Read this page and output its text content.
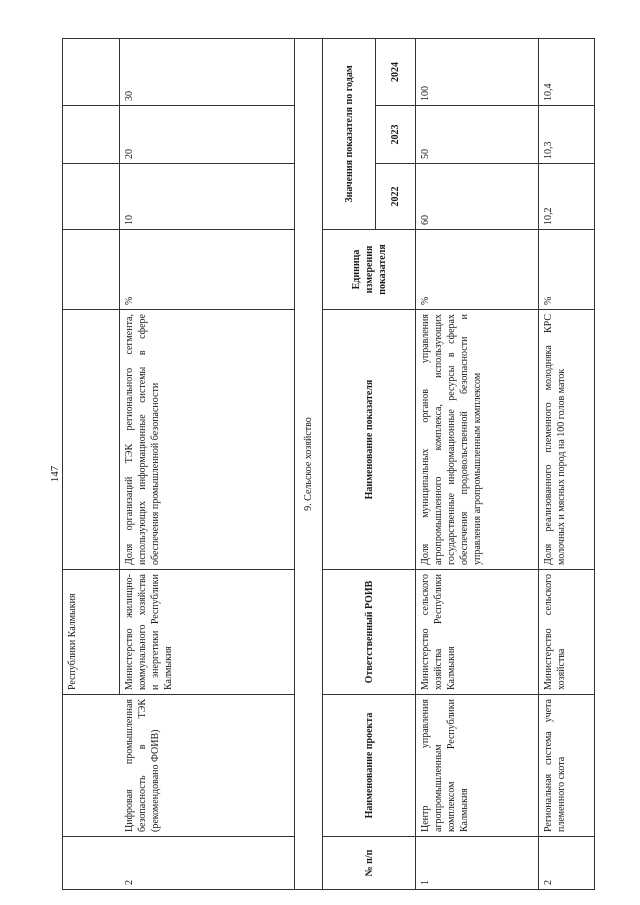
147
Республики Калмыкия
2
Цифровая промышленная безопасность в ТЭК (рекомендовано ФОИВ)
Министерство жилищно-коммунального хозяйства и энергетики Республики Калмыкия
Доля организаций ТЭК регионального сегмента, использующих информационные системы в сфере обеспечения промышленной безопасности
%
10
20
30
9. Сельское хозяйство
№ п/п
Наименование проекта
Ответственный РОИВ
Наименование показателя
Единица измерения показателя
Значения показателя по годам	2022
2023
2024
1
Центр управления агропромышленным комплексом Республики Калмыкия
Министерство сельского хозяйства Республики Калмыкия
Доля муниципальных органов управления агропромышленного комплекса, использующих государственные информационные ресурсы в сферах обеспечения продовольственной безопасности и управления агропромышленным комплексом
%
60
50
100
2
Региональная система учета племенного скота
Министерство сельского хозяйства
Доля реализованного племенного молодняка КРС молочных и мясных пород на 100 голов маток
%
10,2
10,3
10,4
